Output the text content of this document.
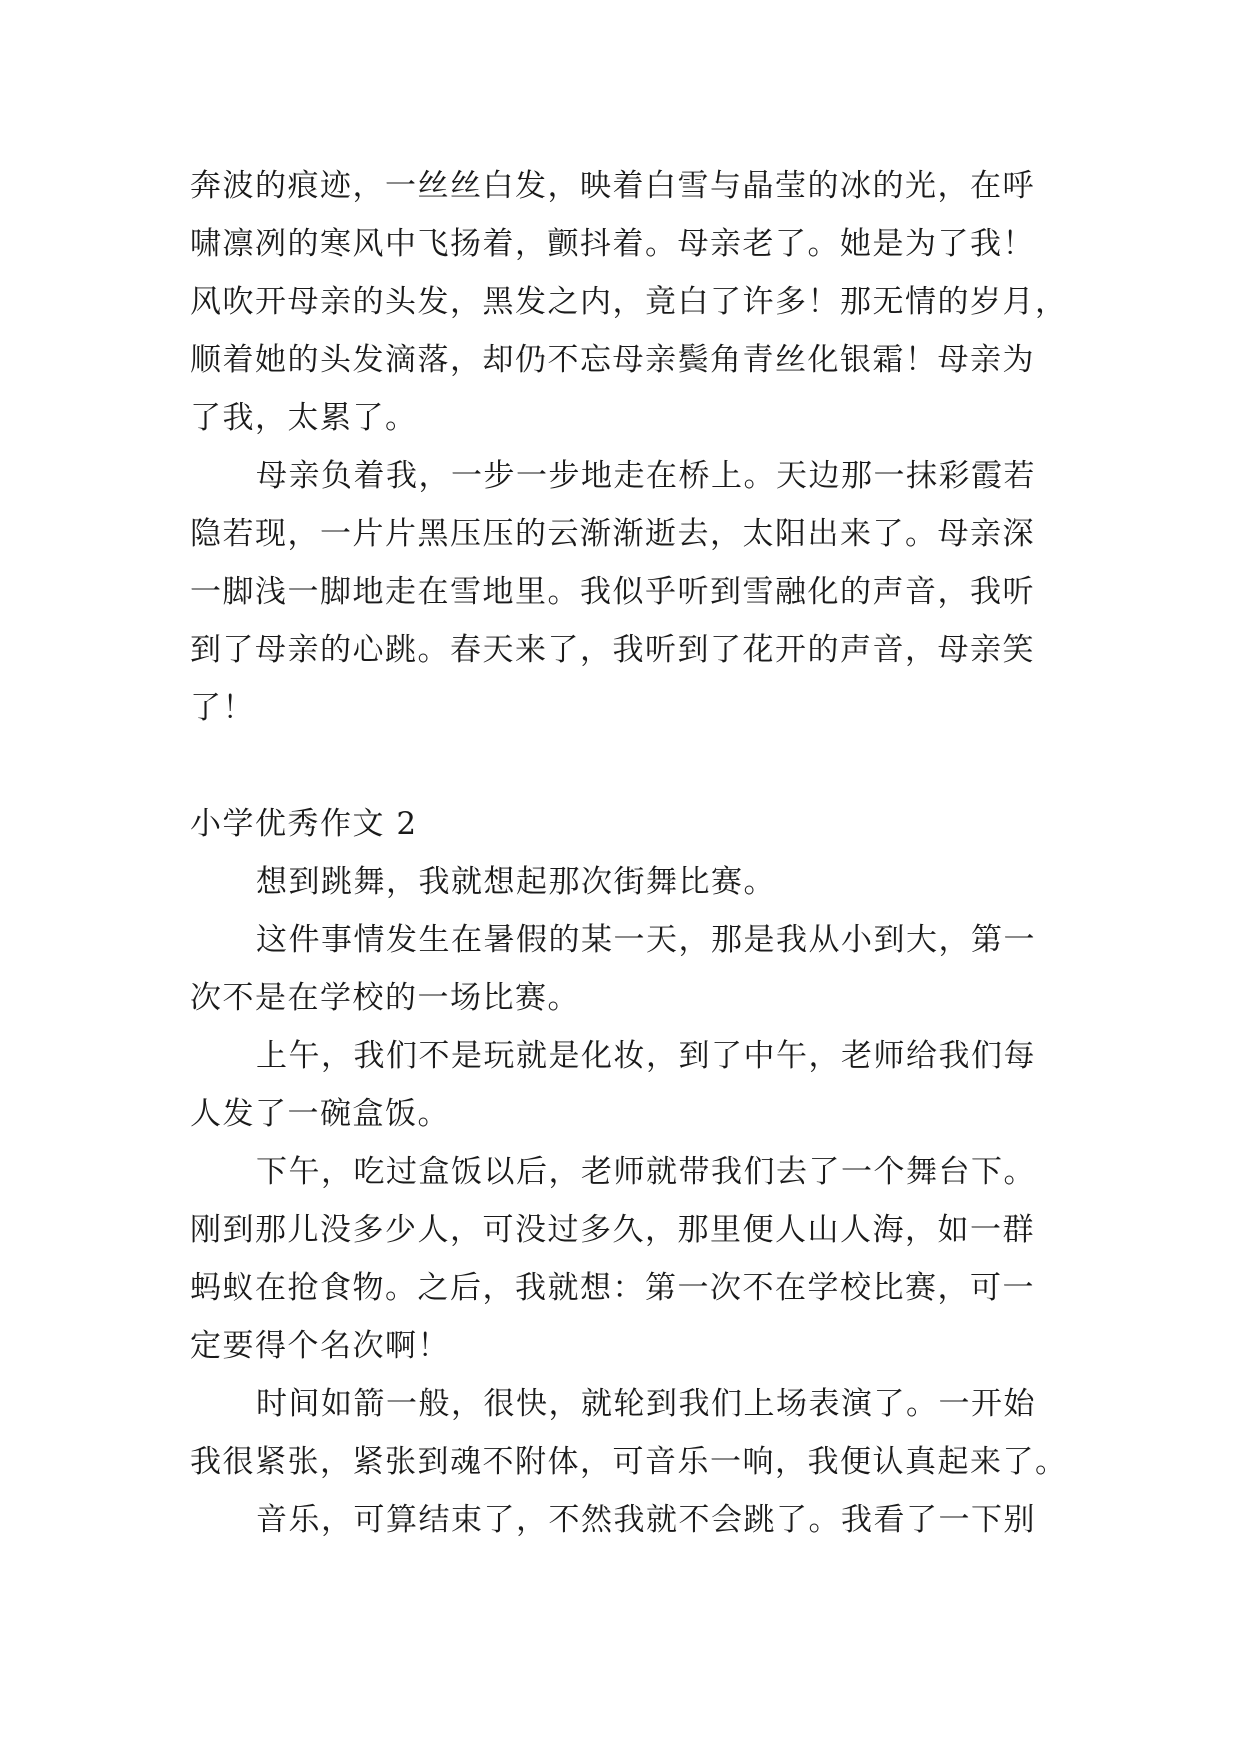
奔波的痕迹，一丝丝白发，映着白雪与晶莹的冰的光，在呼
啸凛冽的寒风中飞扬着，颤抖着。母亲老了。她是为了我！
风吹开母亲的头发，黑发之内，竟白了许多！那无情的岁月，
顺着她的头发滴落，却仍不忘母亲鬓角青丝化银霜！母亲为
了我，太累了。
母亲负着我，一步一步地走在桥上。天边那一抹彩霞若
隐若现，一片片黑压压的云渐渐逝去，太阳出来了。母亲深
一脚浅一脚地走在雪地里。我似乎听到雪融化的声音，我听
到了母亲的心跳。春天来了，我听到了花开的声音，母亲笑
了！
小学优秀作文 2
想到跳舞，我就想起那次街舞比赛。
这件事情发生在暑假的某一天，那是我从小到大，第一
次不是在学校的一场比赛。
上午，我们不是玩就是化妆，到了中午，老师给我们每
人发了一碗盒饭。
下午，吃过盒饭以后，老师就带我们去了一个舞台下。
刚到那儿没多少人，可没过多久，那里便人山人海，如一群
蚂蚁在抢食物。之后，我就想：第一次不在学校比赛，可一
定要得个名次啊！
时间如箭一般，很快，就轮到我们上场表演了。一开始
我很紧张，紧张到魂不附体，可音乐一响，我便认真起来了。
音乐，可算结束了，不然我就不会跳了。我看了一下别
